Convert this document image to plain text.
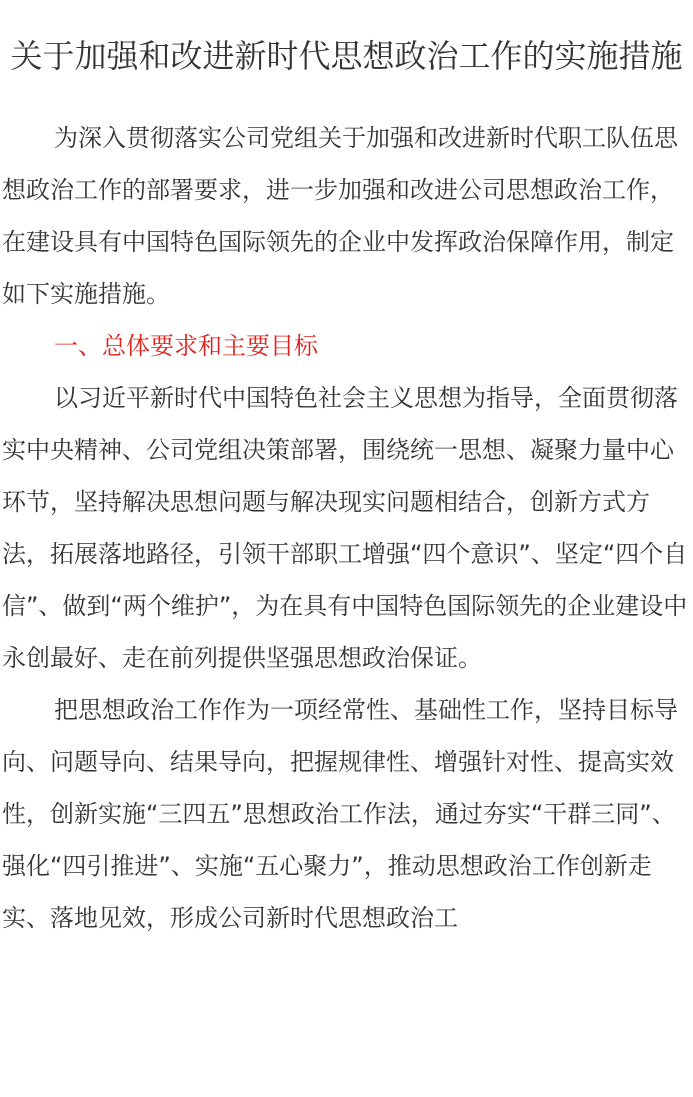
关于加强和改进新时代思想政治工作的实施措施

为深入贯彻落实公司党组关于加强和改进新时代职工队伍思想政治工作的部署要求，进一步加强和改进公司思想政治工作，在建设具有中国特色国际领先的企业中发挥政治保障作用，制定如下实施措施。

一、总体要求和主要目标

以习近平新时代中国特色社会主义思想为指导，全面贯彻落实中央精神、公司党组决策部署，围绕统一思想、凝聚力量中心环节，坚持解决思想问题与解决现实问题相结合，创新方式方法，拓展落地路径，引领干部职工增强“四个意识”、坚定“四个自信”、做到“两个维护”，为在具有中国特色国际领先的企业建设中永创最好、走在前列提供坚强思想政治保证。

把思想政治工作作为一项经常性、基础性工作，坚持目标导向、问题导向、结果导向，把握规律性、增强针对性、提高实效性，创新实施“三四五”思想政治工作法，通过夯实“干群三同”、强化“四引推进”、实施“五心聚力”，推动思想政治工作创新走实、落地见效，形成公司新时代思想政治工
